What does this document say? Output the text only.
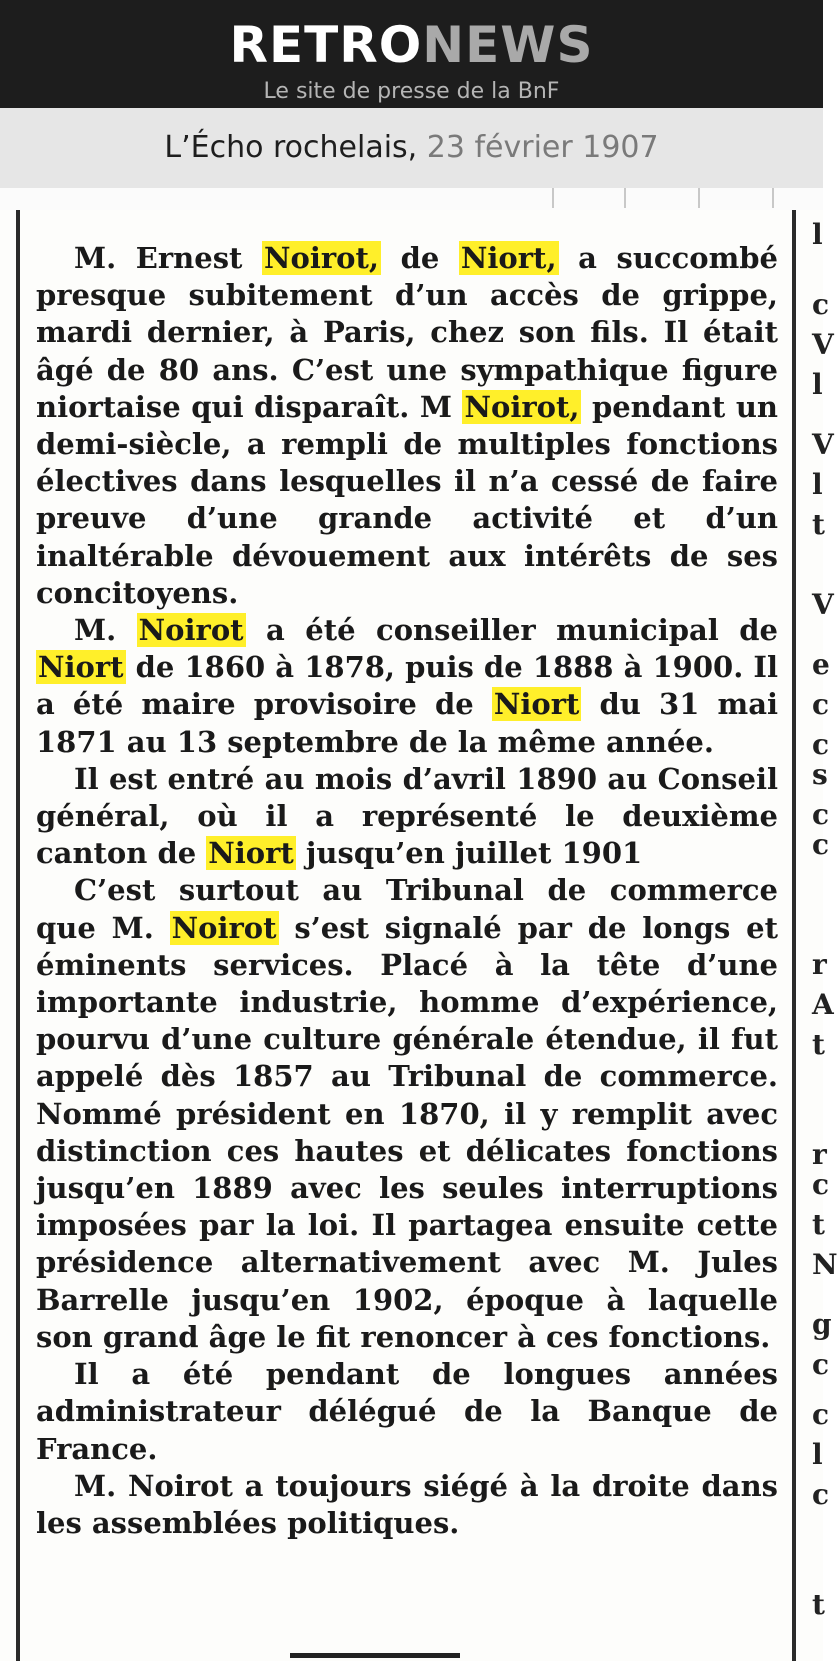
RETRONEWS
Le site de presse de la BnF
L’Écho rochelais, 23 février 1907

M. Ernest Noirot, de Niort, a succombé presque subitement d’un accès de grippe, mardi dernier, à Paris, chez son fils. Il était âgé de 80 ans. C’est une sympathique figure niortaise qui disparaît. M Noirot, pendant un demi-siècle, a rempli de multiples fonctions électives dans lesquelles il n’a cessé de faire preuve d’une grande activité et d’un inaltérable dévouement aux intérêts de ses concitoyens.

M. Noirot a été conseiller municipal de Niort de 1860 à 1878, puis de 1888 à 1900. Il a été maire provisoire de Niort du 31 mai 1871 au 13 septembre de la même année.

Il est entré au mois d’avril 1890 au Conseil général, où il a représenté le deuxième canton de Niort jusqu’en juillet 1901

C’est surtout au Tribunal de commerce que M. Noirot s’est signalé par de longs et éminents services. Placé à la tête d’une importante industrie, homme d’expérience, pourvu d’une culture générale étendue, il fut appelé dès 1857 au Tribunal de commerce. Nommé président en 1870, il y remplit avec distinction ces hautes et délicates fonctions jusqu’en 1889 avec les seules interruptions imposées par la loi. Il partagea ensuite cette présidence alternativement avec M. Jules Barrelle jusqu’en 1902, époque à laquelle son grand âge le fit renoncer à ces fonctions.

Il a été pendant de longues années administrateur délégué de la Banque de France.

M. Noirot a toujours siégé à la droite dans les assemblées politiques.

l
c
V
l
V
l
t
V
e
c
c
s
c
c
r
A
t
r
c
t
N
g
c
c
l
c
t
